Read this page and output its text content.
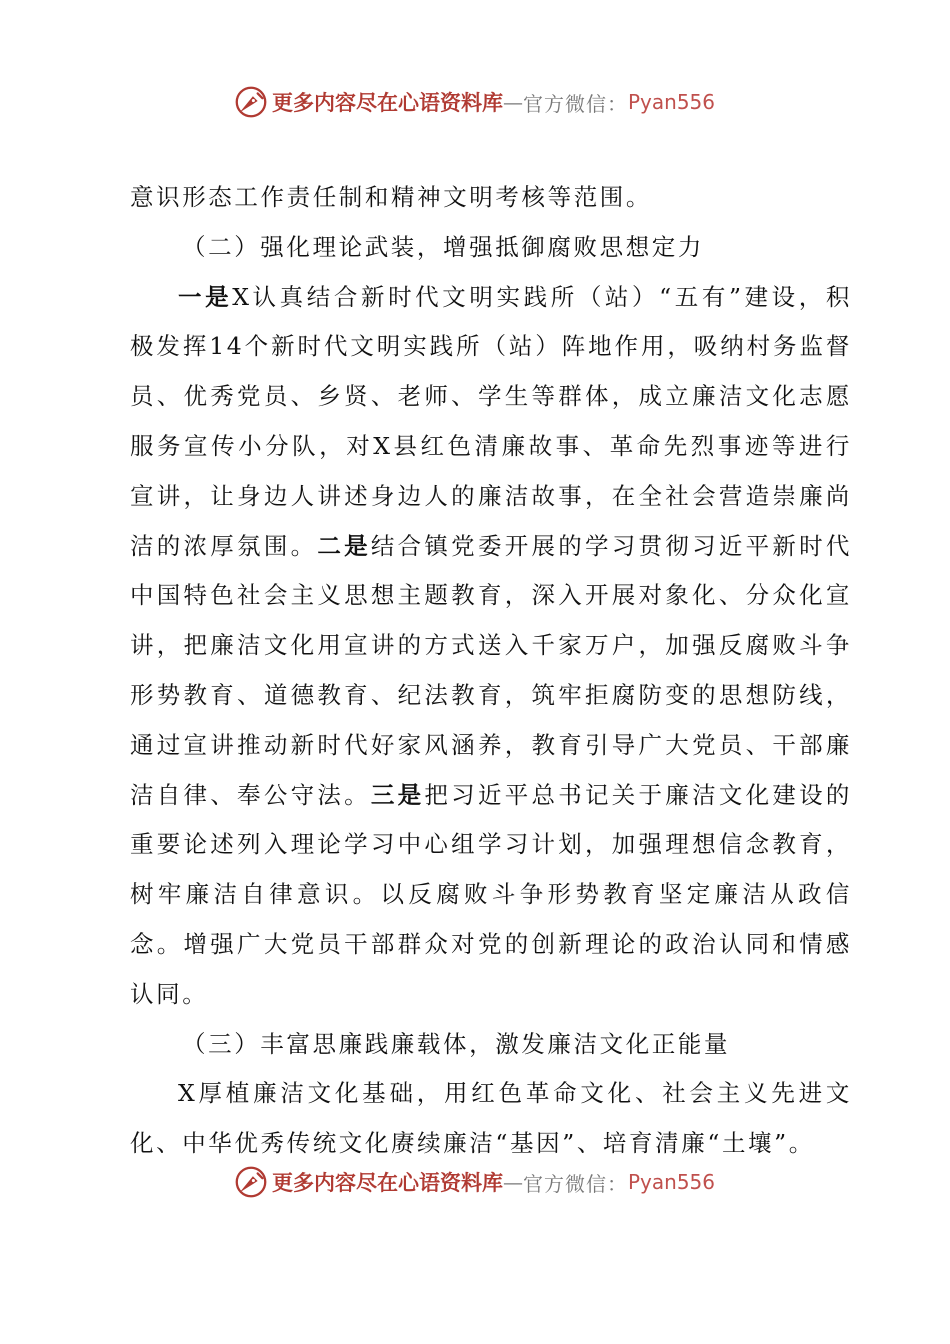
更多内容尽在心语资料库 — 官方微信： Pyan556

意识形态工作责任制和精神文明考核等范围。

（二）强化理论武装，增强抵御腐败思想定力

一是X认真结合新时代文明实践所（站）“五有”建设，积极发挥14个新时代文明实践所（站）阵地作用，吸纳村务监督员、优秀党员、乡贤、老师、学生等群体，成立廉洁文化志愿服务宣传小分队，对X县红色清廉故事、革命先烈事迹等进行宣讲，让身边人讲述身边人的廉洁故事，在全社会营造崇廉尚洁的浓厚氛围。二是结合镇党委开展的学习贯彻习近平新时代中国特色社会主义思想主题教育，深入开展对象化、分众化宣讲，把廉洁文化用宣讲的方式送入千家万户，加强反腐败斗争形势教育、道德教育、纪法教育，筑牢拒腐防变的思想防线，通过宣讲推动新时代好家风涵养，教育引导广大党员、干部廉洁自律、奉公守法。三是把习近平总书记关于廉洁文化建设的重要论述列入理论学习中心组学习计划，加强理想信念教育，树牢廉洁自律意识。以反腐败斗争形势教育坚定廉洁从政信念。增强广大党员干部群众对党的创新理论的政治认同和情感认同。

（三）丰富思廉践廉载体，激发廉洁文化正能量

X厚植廉洁文化基础，用红色革命文化、社会主义先进文化、中华优秀传统文化赓续廉洁“基因”、培育清廉“土壤”。

更多内容尽在心语资料库 — 官方微信： Pyan556
